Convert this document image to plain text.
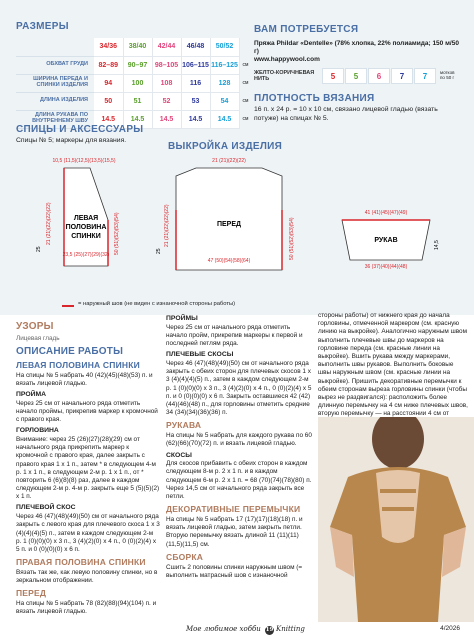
РАЗМЕРЫ	ВАМ ПОТРЕБУЕТСЯ
	34/36	38/40	42/44	46/48	50/52	
ОБХВАТ ГРУДИ	82–89	90–97	98–105	106–115	116–125	см
ШИРИНА ПЕРЕДА И СПИНКИ ИЗДЕЛИЯ	94	100	108	116	128	см
ДЛИНА ИЗДЕЛИЯ	50	51	52	53	54	см
ДЛИНА РУКАВА ПО ВНУТРЕННЕМУ ШВУ	14.5	14.5	14.5	14.5	14.5	см
Пряжа Phildar «Dentelle» (78% хлопка, 22% полиамида; 150 м/50 г)
www.happywool.com
ЖЕЛТО-КОРИЧНЕВАЯ НИТЬ	5	5	6	7	7	мотков по 50 г
ПЛОТНОСТЬ ВЯЗАНИЯ
16 п. х 24 р. = 10 х 10 см, связано лицевой гладью (вязать потуже) на спицах № 5.
СПИЦЫ И АКСЕССУАРЫ
Спицы № 5; маркеры для вязания.
ВЫКРОЙКА ИЗДЕЛИЯ
10,5 (11,5)(12,5)(13,5)(15,5)
23,5 (25)(27)(29)(32)
ЛЕВАЯ
ПОЛОВИНА
СПИНКИ
21 (21)(22)(22)(22)	50 (51)(52)(53)(54)
25
21 (21)(22)(22)
ПЕРЕД
21 (21)(22)(22)(22)	50 (51)(52)(53)(54)
25
47 (50)(54)(58)(64)
41 (41)(45)(47)(49)
РУКАВ
36 (37)(40)(44)(48)
14,5
= наружный шов (не виден с изнаночной стороны работы)
УЗОРЫ
Лицевая гладь
ОПИСАНИЕ РАБОТЫ
ЛЕВАЯ ПОЛОВИНА СПИНКИ

На спицы № 5 набрать 40 (42)(45)(48)(53) п. и вязать лицевой гладью.

ПРОЙМА

Через 25 см от начального ряда отметить начало проймы, прикрепив маркер к кромочной с правого края.

ГОРЛОВИНА

Внимание: через 25 (26)(27)(28)(29) см от начального ряда прикрепить маркер к кромочной с правого края, далее закрыть с правого края 1 х 1 п., затем * в следующем 4-м р. 1 х 1 п., в следующем 2-м р. 1 х 1 п., от * повторить 6 (6)(8)(8) раз, далее в каждом следующем 2-м р. 4-м р. закрыть еще 5 (5)(5)(2) х 1 п.

ПЛЕЧЕВОЙ СКОС

Через 46 (47)(48)(49)(50) см от начального ряда закрыть с левого края для плечевого скоса 1 х 3 (4)(4)(4)(5) п., затем в каждом следующем 2-м р. 1 (0)(0)(0) х 3 п., 3 (4)(2)(0) х 4 п., 0 (0)(2)(4) х 5 п. и 0 (0)(0)(0) х 6 п.

ПРАВАЯ ПОЛОВИНА СПИНКИ

Вязать так же, как левую половину спинки, но в зеркальном отображении.

ПЕРЕД

На спицы № 5 набрать 78 (82)(88)(94)(104) п. и вязать лицевой гладью.

ПРОЙМЫ

Через 25 см от начального ряда отметить начало пройм, прикрепив маркеры к первой и последней петлям ряда.

ПЛЕЧЕВЫЕ СКОСЫ

Через 46 (47)(48)(49)(50) см от начального ряда закрыть с обеих сторон для плечевых скосов 1 х 3 (4)(4)(4)(5) п., затем в каждом следующем 2-м р. 1 (0)(0)(0) х 3 п., 3 (4)(2)(0) х 4 п., 0 (0)(2)(4) х 5 п. и 0 (0)(0)(0) х 6 п. Закрыть оставшиеся 42 (42)(44)(46)(48) п., для горловины отметить средние 34 (34)(34)(36)(36) п.

РУКАВА

На спицы № 5 набрать для каждого рукава по 60 (62)(66)(70)(72) п. и вязать лицевой гладью.

СКОСЫ

Для скосов прибавить с обеих сторон в каждом следующем 8-м р. 2 х 1 п. и в каждом следующем 6-м р. 2 х 1 п. = 68 (70)(74)(78)(80) п. Через 14,5 см от начального ряда закрыть все петли.

ДЕКОРАТИВНЫЕ ПЕРЕМЫЧКИ

На спицы № 5 набрать 17 (17)(17)(18)(18) п. и вязать лицевой гладью, затем закрыть петли. Вторую перемычку вязать длиной 11 (11)(11)(11,5)(11,5) см.

СБОРКА

Сшить 2 половины спинки наружным швом (= выполнить матрасный шов с изнаночной

стороны работы) от нижнего края до начала горловины, отмеченной маркером (см. красную линию на выкройке). Аналогично наружным швом выполнить плечевые швы до маркеров на горловине переда (см. красные линии на выкройке). Вшить рукава между маркерами, выполнить швы рукавов. Выполнить боковые швы наружным швом (см. красные линии на выкройке). Пришить декоративные перемычки к обеим сторонам выреза горловины спинки (чтобы вырез не раздвигался): расположить более длинную перемычку на 4 см ниже плечевых швов, вторую перемычку — на расстоянии 4 см от

Мое любимое хобби 19 Knitting	4/2026
